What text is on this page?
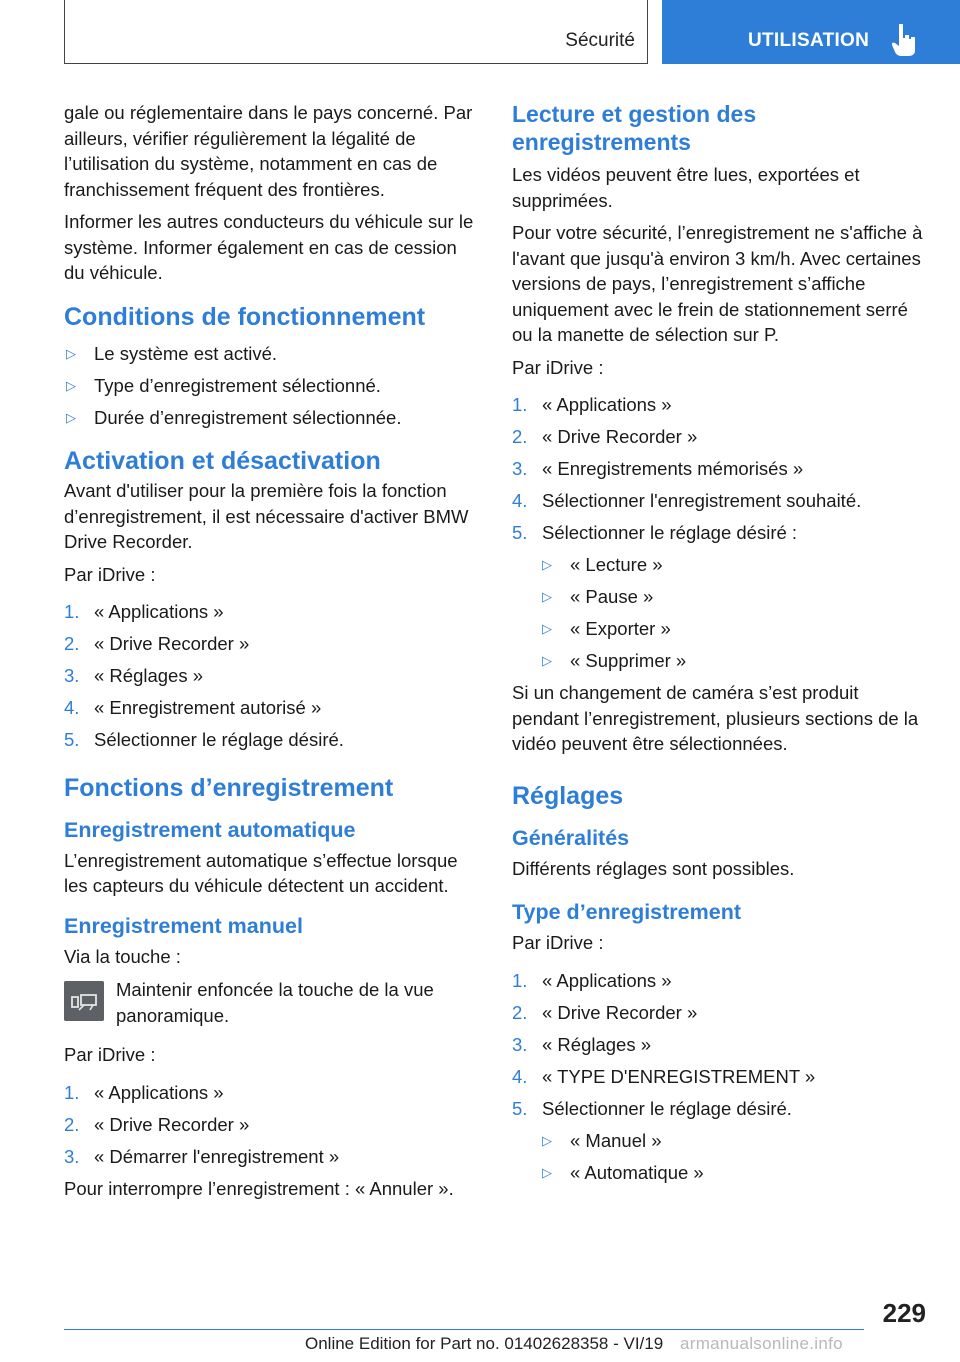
Sécurité	UTILISATION

gale ou réglementaire dans le pays concerné. Par ailleurs, vérifier régulièrement la légalité de l’utilisation du système, notamment en cas de franchissement fréquent des frontières.

Informer les autres conducteurs du véhicule sur le système. Informer également en cas de cession du véhicule.

Conditions de fonctionnement
▷ Le système est activé.
▷ Type d’enregistrement sélectionné.
▷ Durée d’enregistrement sélectionnée.
Activation et désactivation

Avant d'utiliser pour la première fois la fonction d’enregistrement, il est nécessaire d'activer BMW Drive Recorder.

Par iDrive :

1. « Applications »
2. « Drive Recorder »
3. « Réglages »
4. « Enregistrement autorisé »
5. Sélectionner le réglage désiré.
Fonctions d’enregistrement
Enregistrement automatique

L’enregistrement automatique s’effectue lorsque les capteurs du véhicule détectent un accident.

Enregistrement manuel

Via la touche :

Maintenir enfoncée la touche de la vue panoramique.

Par iDrive :

1. « Applications »
2. « Drive Recorder »
3. « Démarrer l'enregistrement »

Pour interrompre l’enregistrement : « Annuler ».

Lecture et gestion des enregistrements

Les vidéos peuvent être lues, exportées et supprimées.

Pour votre sécurité, l’enregistrement ne s'affiche à l'avant que jusqu'à environ 3 km/h. Avec certaines versions de pays, l’enregistrement s’affiche uniquement avec le frein de stationnement serré ou la manette de sélection sur P.

Par iDrive :

1. « Applications »
2. « Drive Recorder »
3. « Enregistrements mémorisés »
4. Sélectionner l'enregistrement souhaité.
5. Sélectionner le réglage désiré :
▷ « Lecture »
▷ « Pause »
▷ « Exporter »
▷ « Supprimer »

Si un changement de caméra s’est produit pendant l’enregistrement, plusieurs sections de la vidéo peuvent être sélectionnées.

Réglages
Généralités

Différents réglages sont possibles.

Type d’enregistrement

Par iDrive :

1. « Applications »
2. « Drive Recorder »
3. « Réglages »
4. « TYPE D'ENREGISTREMENT »
5. Sélectionner le réglage désiré.
▷ « Manuel »
▷ « Automatique »
229
Online Edition for Part no. 01402628358 - VI/19 armanualsonline.info
